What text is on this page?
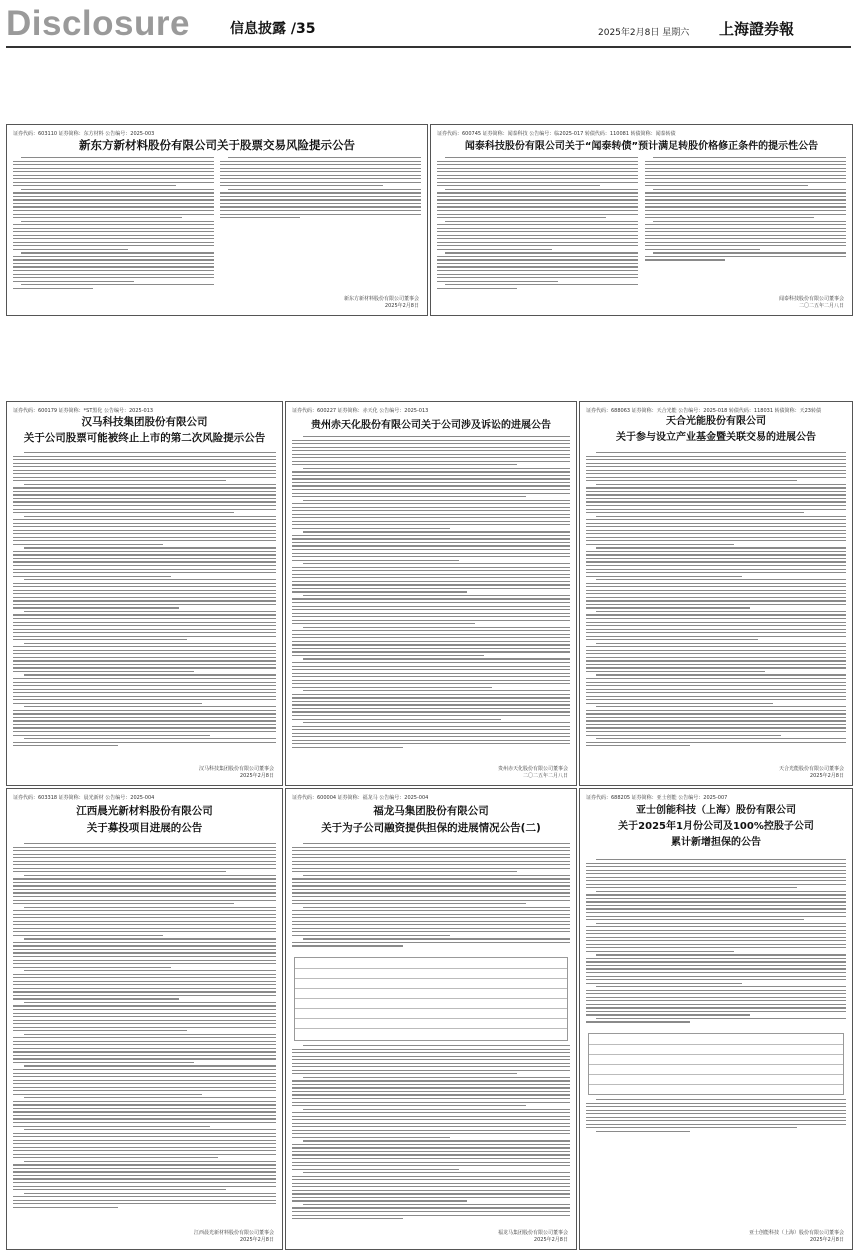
Disclosure	信息披露 /35	2025年2月8日 星期六 上海證券報
证券代码：603110 证券简称：东方材料 公告编号：2025-003
新东方新材料股份有限公司关于股票交易风险提示公告
新东方新材料股份有限公司董事会
2025年2月8日
证券代码：600745 证券简称：闻泰科技 公告编号：临2025-017 转债代码：110081 转债简称：闻泰转债
闻泰科技股份有限公司关于“闻泰转债”预计满足转股价格修正条件的提示性公告
闻泰科技股份有限公司董事会
二〇二五年二月八日
证券代码：600179 证券简称：*ST黑化 公告编号：2025-013
汉马科技集团股份有限公司
关于公司股票可能被终止上市的第二次风险提示公告
汉马科技集团股份有限公司董事会
2025年2月8日
证券代码：600227 证券简称：赤天化 公告编号：2025-013
贵州赤天化股份有限公司关于公司涉及诉讼的进展公告
贵州赤天化股份有限公司董事会
二〇二五年二月八日
证券代码：688063 证券简称：天合光能 公告编号：2025-018 转债代码：118031 转债简称：天23转债
天合光能股份有限公司
关于参与设立产业基金暨关联交易的进展公告
天合光能股份有限公司董事会
2025年2月8日
证券代码：603318 证券简称：晨光新材 公告编号：2025-004
江西晨光新材料股份有限公司
关于募投项目进展的公告
江西晨光新材料股份有限公司董事会
2025年2月8日
证券代码：600004 证券简称：福龙马 公告编号：2025-004
福龙马集团股份有限公司
关于为子公司融资提供担保的进展情况公告(二)
福龙马集团股份有限公司董事会
2025年2月8日
证券代码：688205 证券简称：亚士创能 公告编号：2025-007
亚士创能科技（上海）股份有限公司
关于2025年1月份公司及100%控股子公司
累计新增担保的公告
亚士创能科技（上海）股份有限公司董事会
2025年2月8日
